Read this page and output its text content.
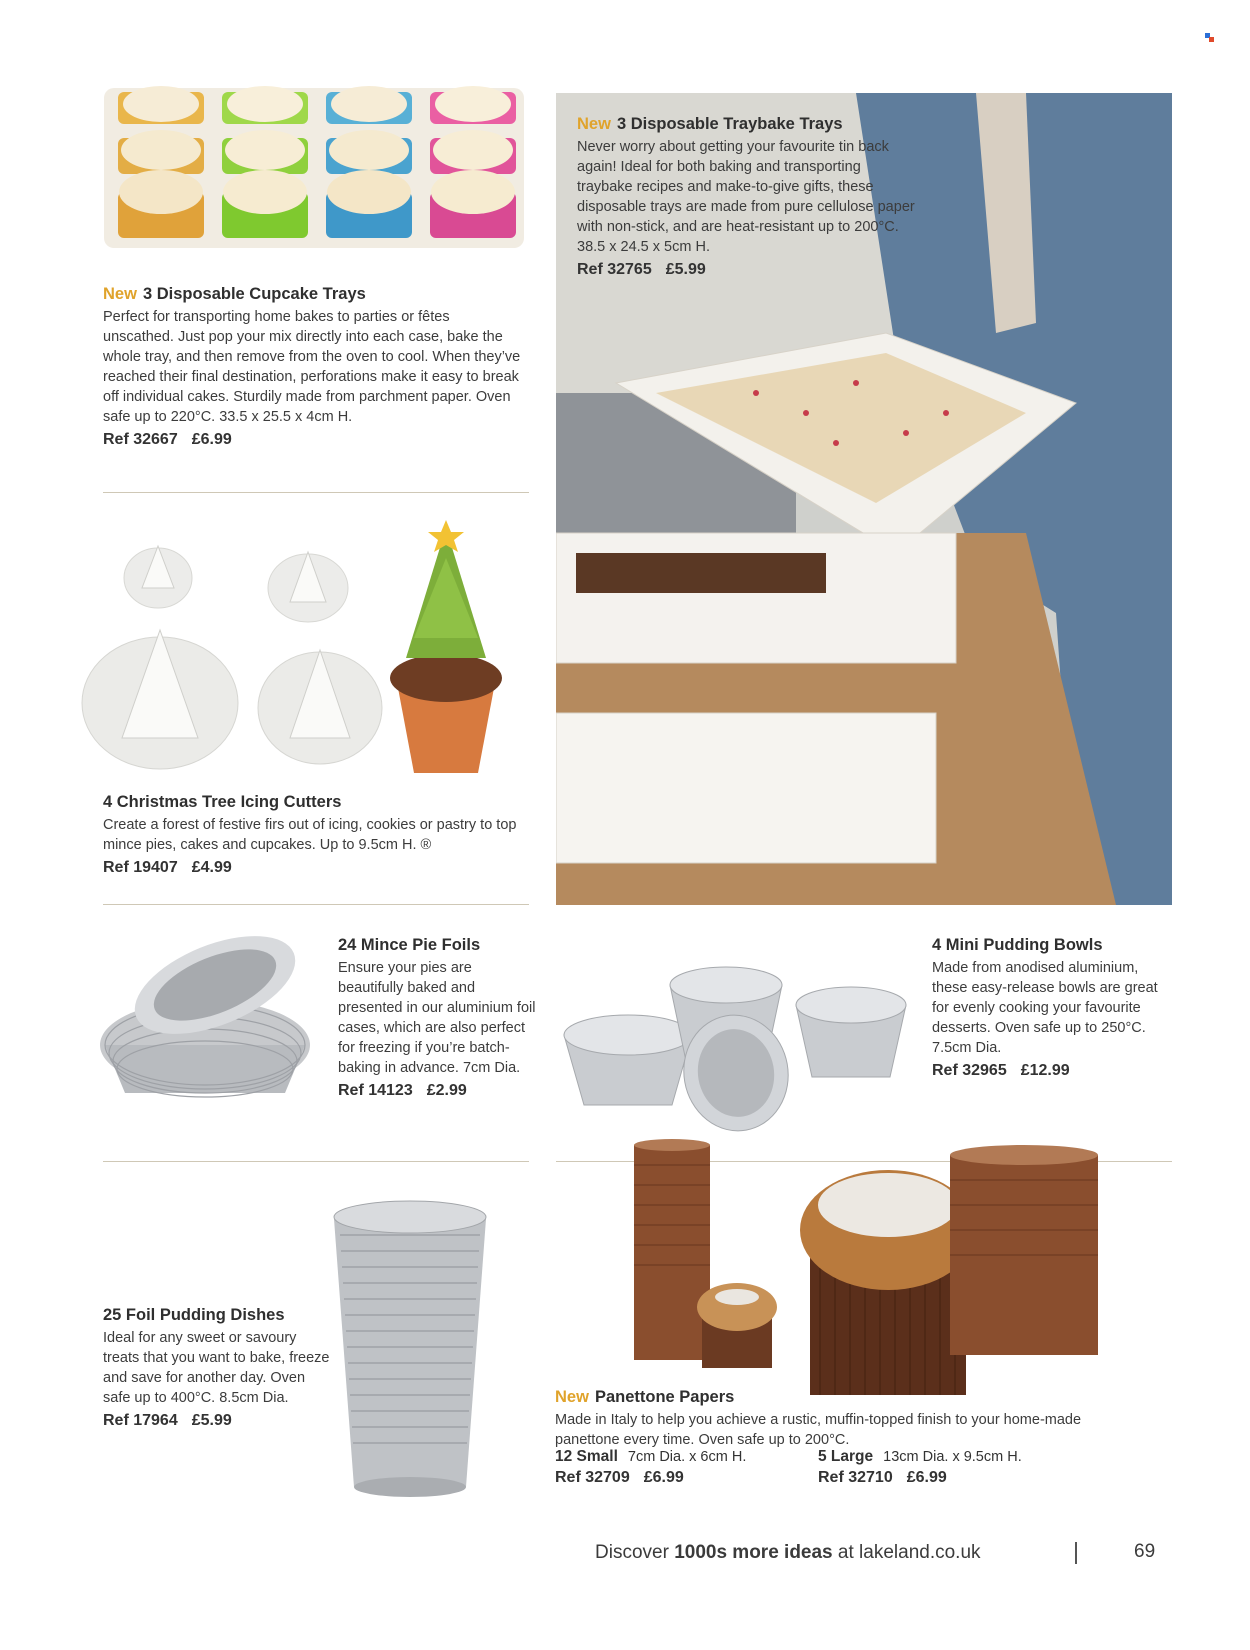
New 3 Disposable Cupcake Trays

Perfect for transporting home bakes to parties or fêtes unscathed. Just pop your mix directly into each case, bake the whole tray, and then remove from the oven to cool. When they’ve reached their final destination, perforations make it easy to break off individual cakes. Sturdily made from parchment paper. Oven safe up to 220°C. 33.5 x 25.5 x 4cm H.

Ref 32667 £6.99
4 Christmas Tree Icing Cutters

Create a forest of festive firs out of icing, cookies or pastry to top mince pies, cakes and cupcakes. Up to 9.5cm H. ®

Ref 19407 £4.99
New 3 Disposable Traybake Trays

Never worry about getting your favourite tin back again! Ideal for both baking and transporting traybake recipes and make-to-give gifts, these disposable trays are made from pure cellulose paper with non-stick, and are heat-resistant up to 200°C. 38.5 x 24.5 x 5cm H.

Ref 32765 £5.99
24 Mince Pie Foils

Ensure your pies are beautifully baked and presented in our aluminium foil cases, which are also perfect for freezing if you’re batch-baking in advance. 7cm Dia.

Ref 14123 £2.99
4 Mini Pudding Bowls

Made from anodised aluminium, these easy-release bowls are great for evenly cooking your favourite desserts. Oven safe up to 250°C. 7.5cm Dia.

Ref 32965 £12.99
25 Foil Pudding Dishes

Ideal for any sweet or savoury treats that you want to bake, freeze and save for another day. Oven safe up to 400°C. 8.5cm Dia.

Ref 17964 £5.99
New Panettone Papers

Made in Italy to help you achieve a rustic, muffin-topped finish to your home-made panettone every time. Oven safe up to 200°C.

12 Small 7cm Dia. x 6cm H.
Ref 32709 £6.99
5 Large 13cm Dia. x 9.5cm H.
Ref 32710 £6.99
Discover 1000s more ideas at lakeland.co.uk	69
